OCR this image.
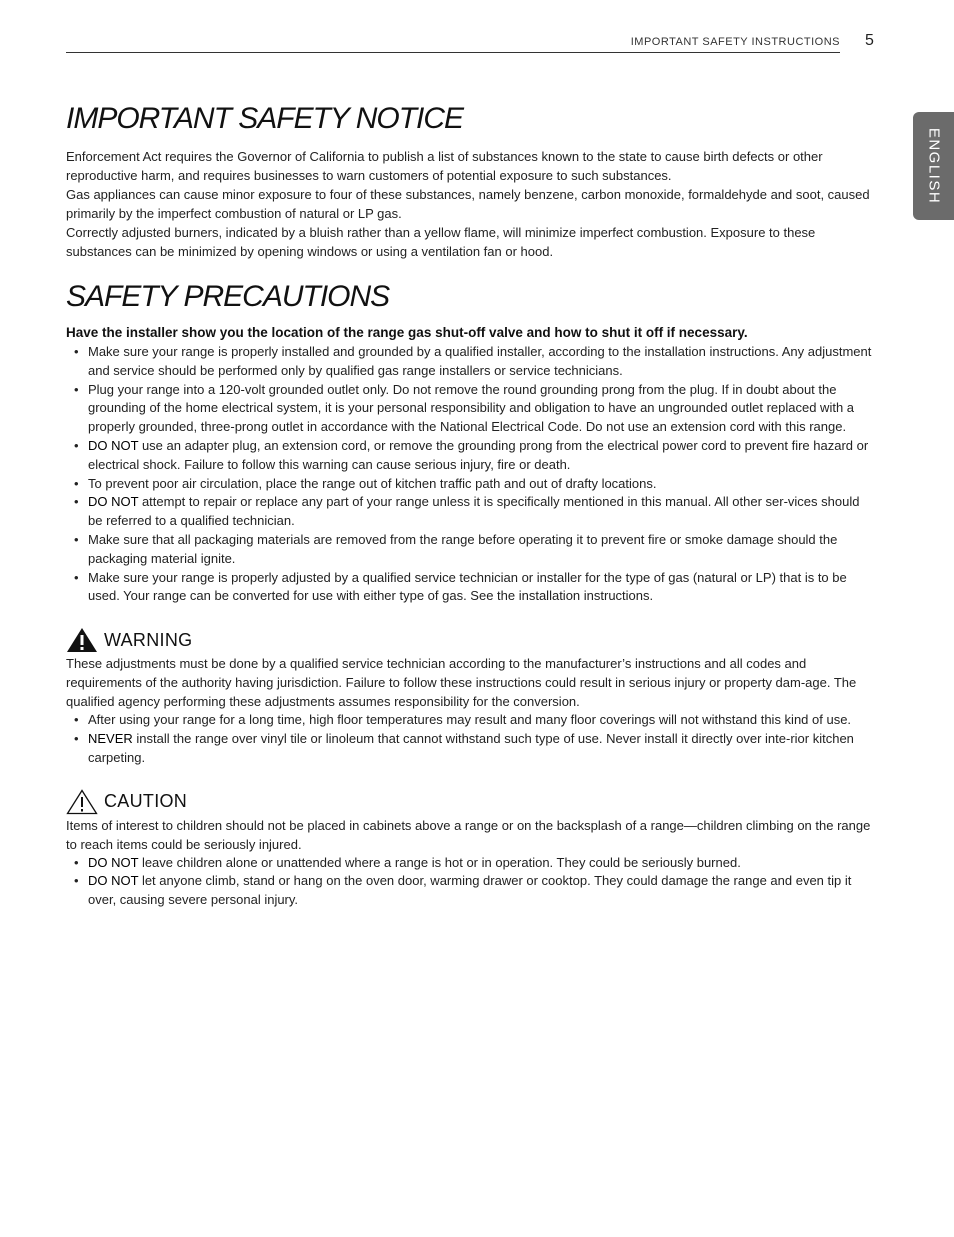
IMPORTANT SAFETY INSTRUCTIONS 5
ENGLISH
IMPORTANT SAFETY NOTICE

Enforcement Act requires the Governor of California to publish a list of substances known to the state to cause birth defects or other reproductive harm, and requires businesses to warn customers of potential exposure to such substances.

Gas appliances can cause minor exposure to four of these substances, namely benzene, carbon monoxide, formaldehyde and soot, caused primarily by the imperfect combustion of natural or LP gas.

Correctly adjusted burners, indicated by a bluish rather than a yellow flame, will minimize imperfect combustion. Exposure to these substances can be minimized by opening windows or using a ventilation fan or hood.

SAFETY PRECAUTIONS

Have the installer show you the location of the range gas shut-off valve and how to shut it off if necessary.

• Make sure your range is properly installed and grounded by a qualified installer, according to the installation instructions. Any adjustment and service should be performed only by qualified gas range installers or service technicians.
• Plug your range into a 120-volt grounded outlet only. Do not remove the round grounding prong from the plug. If in doubt about the grounding of the home electrical system, it is your personal responsibility and obligation to have an ungrounded outlet replaced with a properly grounded, three-prong outlet in accordance with the National Electrical Code. Do not use an extension cord with this range.
• DO NOT use an adapter plug, an extension cord, or remove the grounding prong from the electrical power cord to prevent fire hazard or electrical shock. Failure to follow this warning can cause serious injury, fire or death.
• To prevent poor air circulation, place the range out of kitchen traffic path and out of drafty locations.
• DO NOT attempt to repair or replace any part of your range unless it is specifically mentioned in this manual. All other ser-vices should be referred to a qualified technician.
• Make sure that all packaging materials are removed from the range before operating it to prevent fire or smoke damage should the packaging material ignite.
• Make sure your range is properly adjusted by a qualified service technician or installer for the type of gas (natural or LP) that is to be used. Your range can be converted for use with either type of gas. See the installation instructions.
WARNING

These adjustments must be done by a qualified service technician according to the manufacturer’s instructions and all codes and requirements of the authority having jurisdiction. Failure to follow these instructions could result in serious injury or property dam-age. The qualified agency performing these adjustments assumes responsibility for the conversion.

• After using your range for a long time, high floor temperatures may result and many floor coverings will not withstand this kind of use.
• NEVER install the range over vinyl tile or linoleum that cannot withstand such type of use. Never install it directly over inte-rior kitchen carpeting.
CAUTION

Items of interest to children should not be placed in cabinets above a range or on the backsplash of a range—children climbing on the range to reach items could be seriously injured.

• DO NOT leave children alone or unattended where a range is hot or in operation. They could be seriously burned.
• DO NOT let anyone climb, stand or hang on the oven door, warming drawer or cooktop. They could damage the range and even tip it over, causing severe personal injury.
